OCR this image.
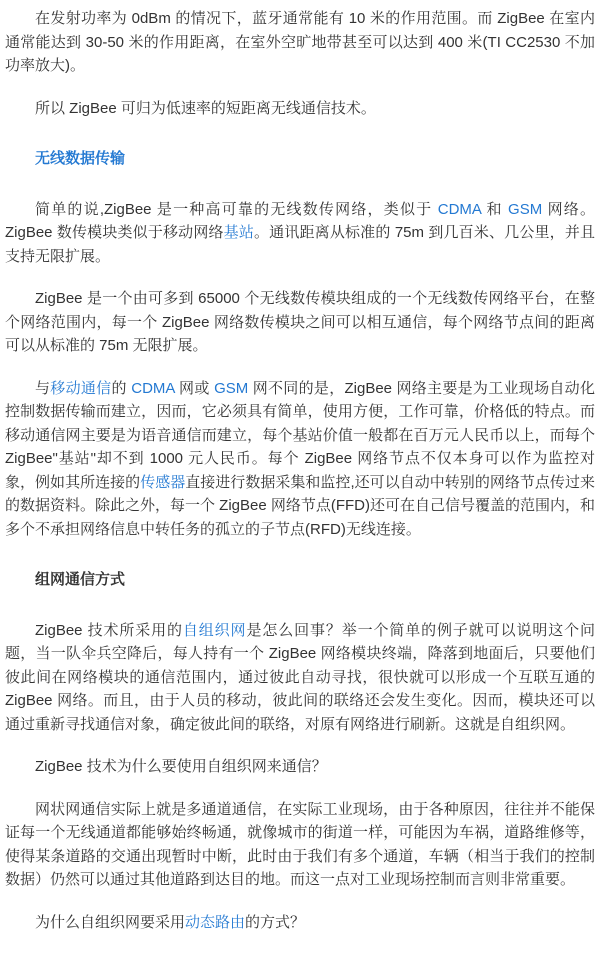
在发射功率为 0dBm 的情况下，蓝牙通常能有 10 米的作用范围。而 ZigBee 在室内通常能达到 30-50 米的作用距离，在室外空旷地带甚至可以达到 400 米(TI CC2530 不加功率放大)。

所以 ZigBee 可归为低速率的短距离无线通信技术。

无线数据传输

简单的说,ZigBee 是一种高可靠的无线数传网络，类似于 CDMA 和 GSM 网络。ZigBee 数传模块类似于移动网络基站。通讯距离从标准的 75m 到几百米、几公里，并且支持无限扩展。

ZigBee 是一个由可多到 65000 个无线数传模块组成的一个无线数传网络平台，在整个网络范围内，每一个 ZigBee 网络数传模块之间可以相互通信，每个网络节点间的距离可以从标准的 75m 无限扩展。

与移动通信的 CDMA 网或 GSM 网不同的是，ZigBee 网络主要是为工业现场自动化控制数据传输而建立，因而，它必须具有简单，使用方便，工作可靠，价格低的特点。而移动通信网主要是为语音通信而建立，每个基站价值一般都在百万元人民币以上，而每个 ZigBee"基站"却不到 1000 元人民币。每个 ZigBee 网络节点不仅本身可以作为监控对象，例如其所连接的传感器直接进行数据采集和监控,还可以自动中转别的网络节点传过来的数据资料。除此之外，每一个 ZigBee 网络节点(FFD)还可在自己信号覆盖的范围内，和多个不承担网络信息中转任务的孤立的子节点(RFD)无线连接。

组网通信方式

ZigBee 技术所采用的自组织网是怎么回事？举一个简单的例子就可以说明这个问题，当一队伞兵空降后，每人持有一个 ZigBee 网络模块终端，降落到地面后，只要他们彼此间在网络模块的通信范围内，通过彼此自动寻找，很快就可以形成一个互联互通的 ZigBee 网络。而且，由于人员的移动，彼此间的联络还会发生变化。因而，模块还可以通过重新寻找通信对象，确定彼此间的联络，对原有网络进行刷新。这就是自组织网。

ZigBee 技术为什么要使用自组织网来通信？

网状网通信实际上就是多通道通信，在实际工业现场，由于各种原因，往往并不能保证每一个无线通道都能够始终畅通，就像城市的街道一样，可能因为车祸，道路维修等，使得某条道路的交通出现暂时中断，此时由于我们有多个通道，车辆（相当于我们的控制数据）仍然可以通过其他道路到达目的地。而这一点对工业现场控制而言则非常重要。

为什么自组织网要采用动态路由的方式？
